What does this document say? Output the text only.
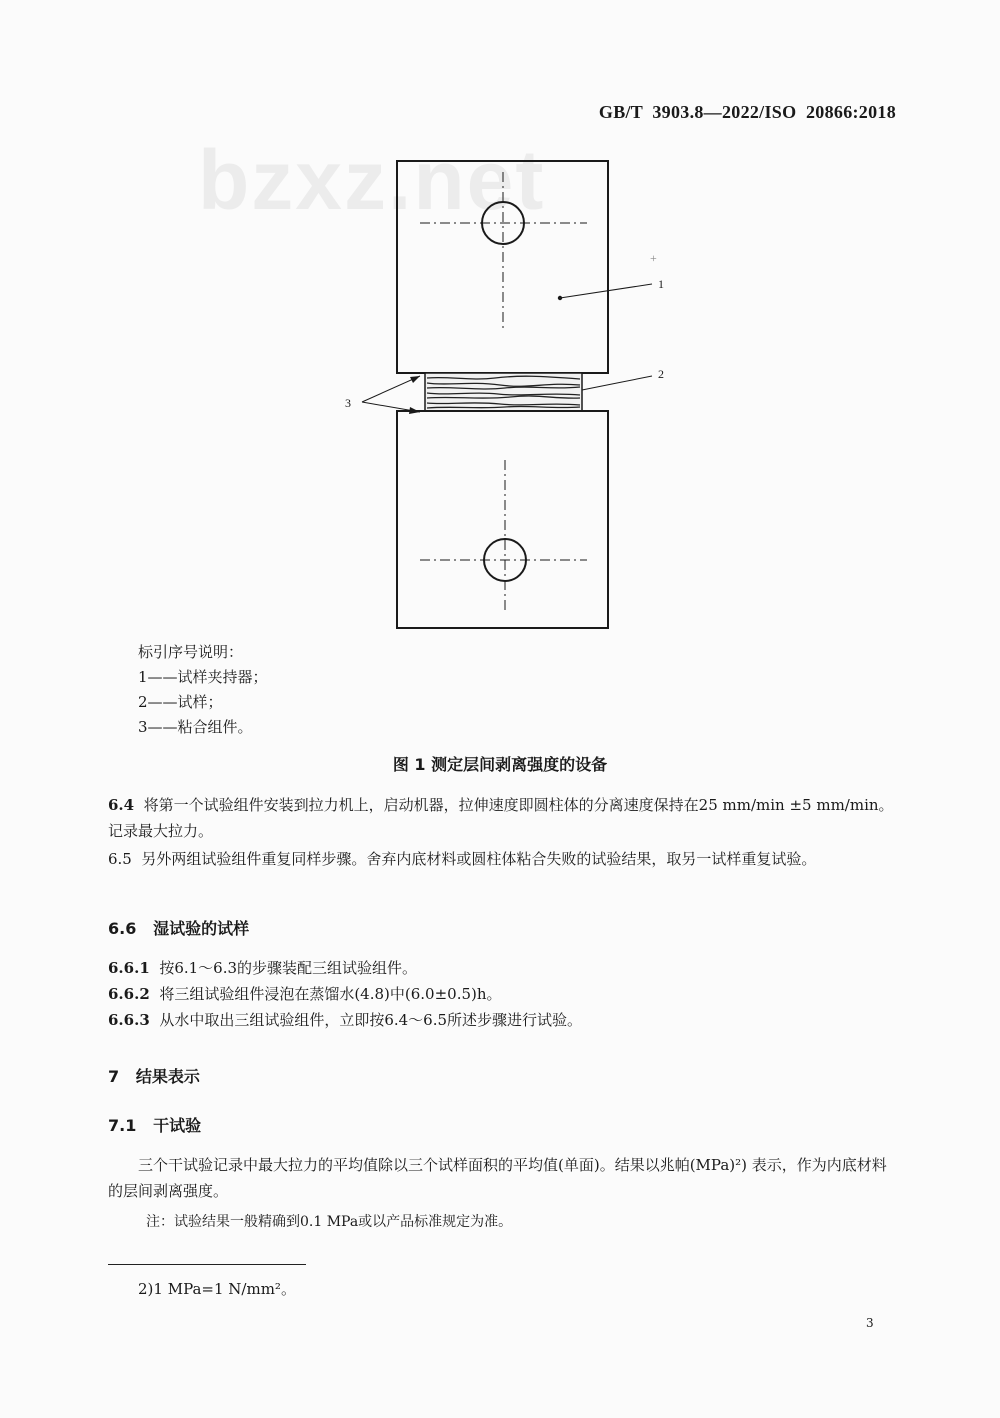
bzxz.net
GB/T  3903.8—2022/ISO  20866:2018
1
2
3
+
标引序号说明：
1——试样夹持器；
2——试样；
3——粘合组件。
图 1 测定层间剥离强度的设备
6.4 将第一个试验组件安装到拉力机上，启动机器，拉伸速度即圆柱体的分离速度保持在25 mm/min ±5 mm/min。记录最大拉力。
6.5 另外两组试验组件重复同样步骤。舍弃内底材料或圆柱体粘合失败的试验结果，取另一试样重复试验。
6.6 湿试验的试样
6.6.1 按6.1～6.3的步骤装配三组试验组件。
6.6.2 将三组试验组件浸泡在蒸馏水(4.8)中(6.0±0.5)h。
6.6.3 从水中取出三组试验组件，立即按6.4～6.5所述步骤进行试验。
7 结果表示
7.1 干试验
三个干试验记录中最大拉力的平均值除以三个试样面积的平均值(单面)。结果以兆帕(MPa)²) 表示，作为内底材料的层间剥离强度。
注：试验结果一般精确到0.1 MPa或以产品标准规定为准。
2)1 MPa=1 N/mm²。
3
